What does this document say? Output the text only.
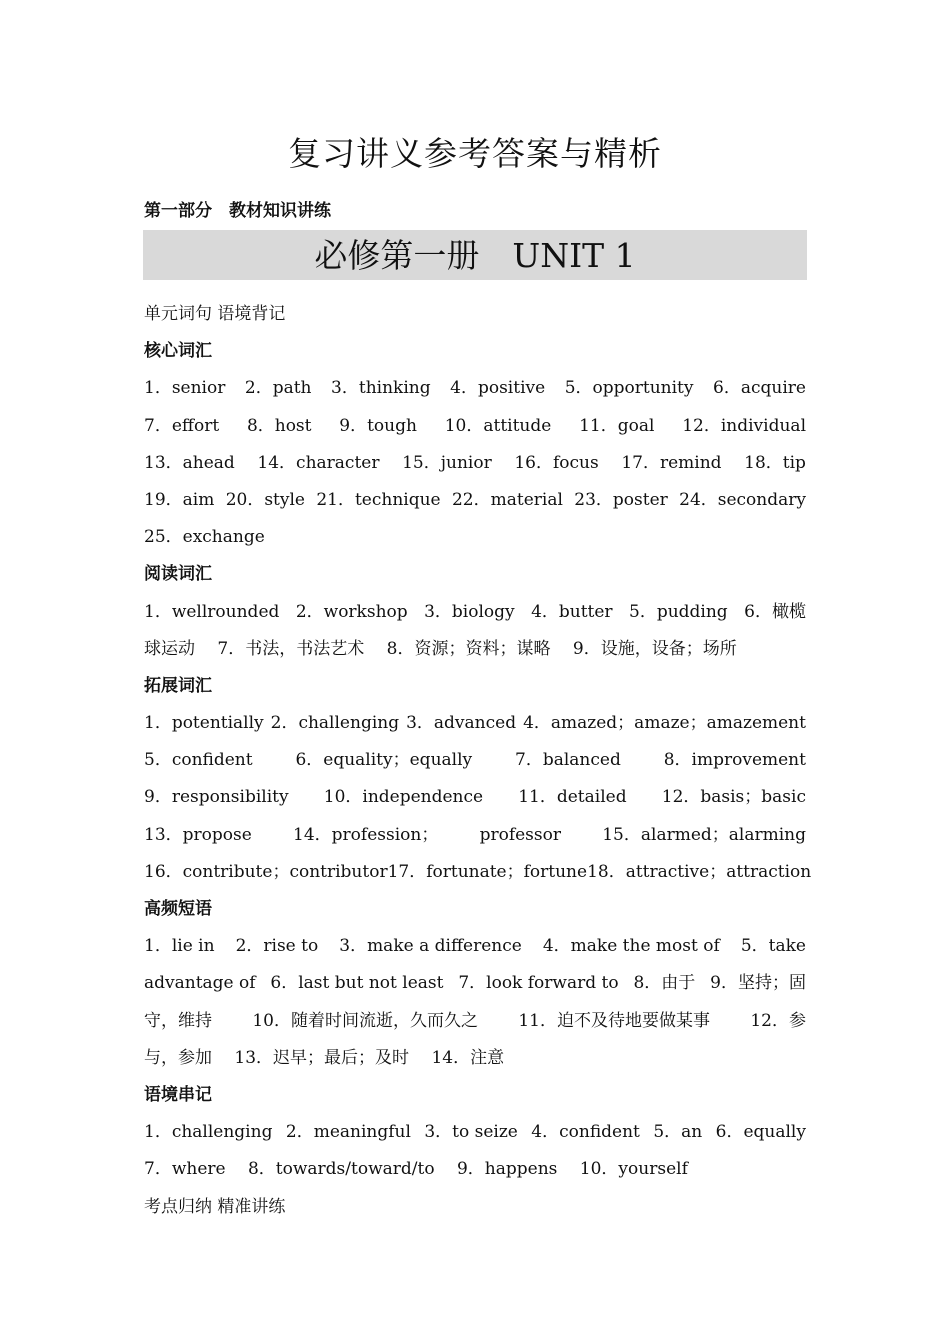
复习讲义参考答案与精析
第一部分　教材知识讲练
必修第一册　UNIT 1
单元词句 语境背记
核心词汇
1．senior 2．path 3．thinking 4．positive 5．opportunity 6．acquire
7．effort 8．host 9．tough 10．attitude 11．goal 12．individual
13．ahead 14．character 15．junior 16．focus 17．remind 18．tip
19．aim 20．style 21．technique 22．material 23．poster 24．secondary
25．exchange
阅读词汇
1．wellrounded 2．workshop 3．biology 4．butter 5．pudding 6．橄榄
球运动　 7．书法，书法艺术　 8．资源；资料；谋略　 9．设施，设备；场所
拓展词汇
1．potentially 2．challenging 3．advanced 4．amazed；amaze；amazement
5．confident	6．equality；equally	7．balanced	8．improvement
9．responsibility 10．independence 11．detailed 12．basis；basic
13．propose 14．profession； professor 15．alarmed；alarming
16．contribute；contributor 17．fortunate；fortune 18．attractive；attraction
高频短语
1．lie in 2．rise to 3．make a difference 4．make the most of 5．take
advantage of 6．last but not least 7．look forward to 8．由于 9．坚持；固
守，维持 10．随着时间流逝，久而久之 11．迫不及待地要做某事 12．参
与，参加　 13．迟早；最后；及时　 14．注意
语境串记
1．challenging 2．meaningful 3．to seize 4．confident 5．an 6．equally
7．where　 8．towards/toward/to　 9．happens　 10．yourself
考点归纳 精准讲练
